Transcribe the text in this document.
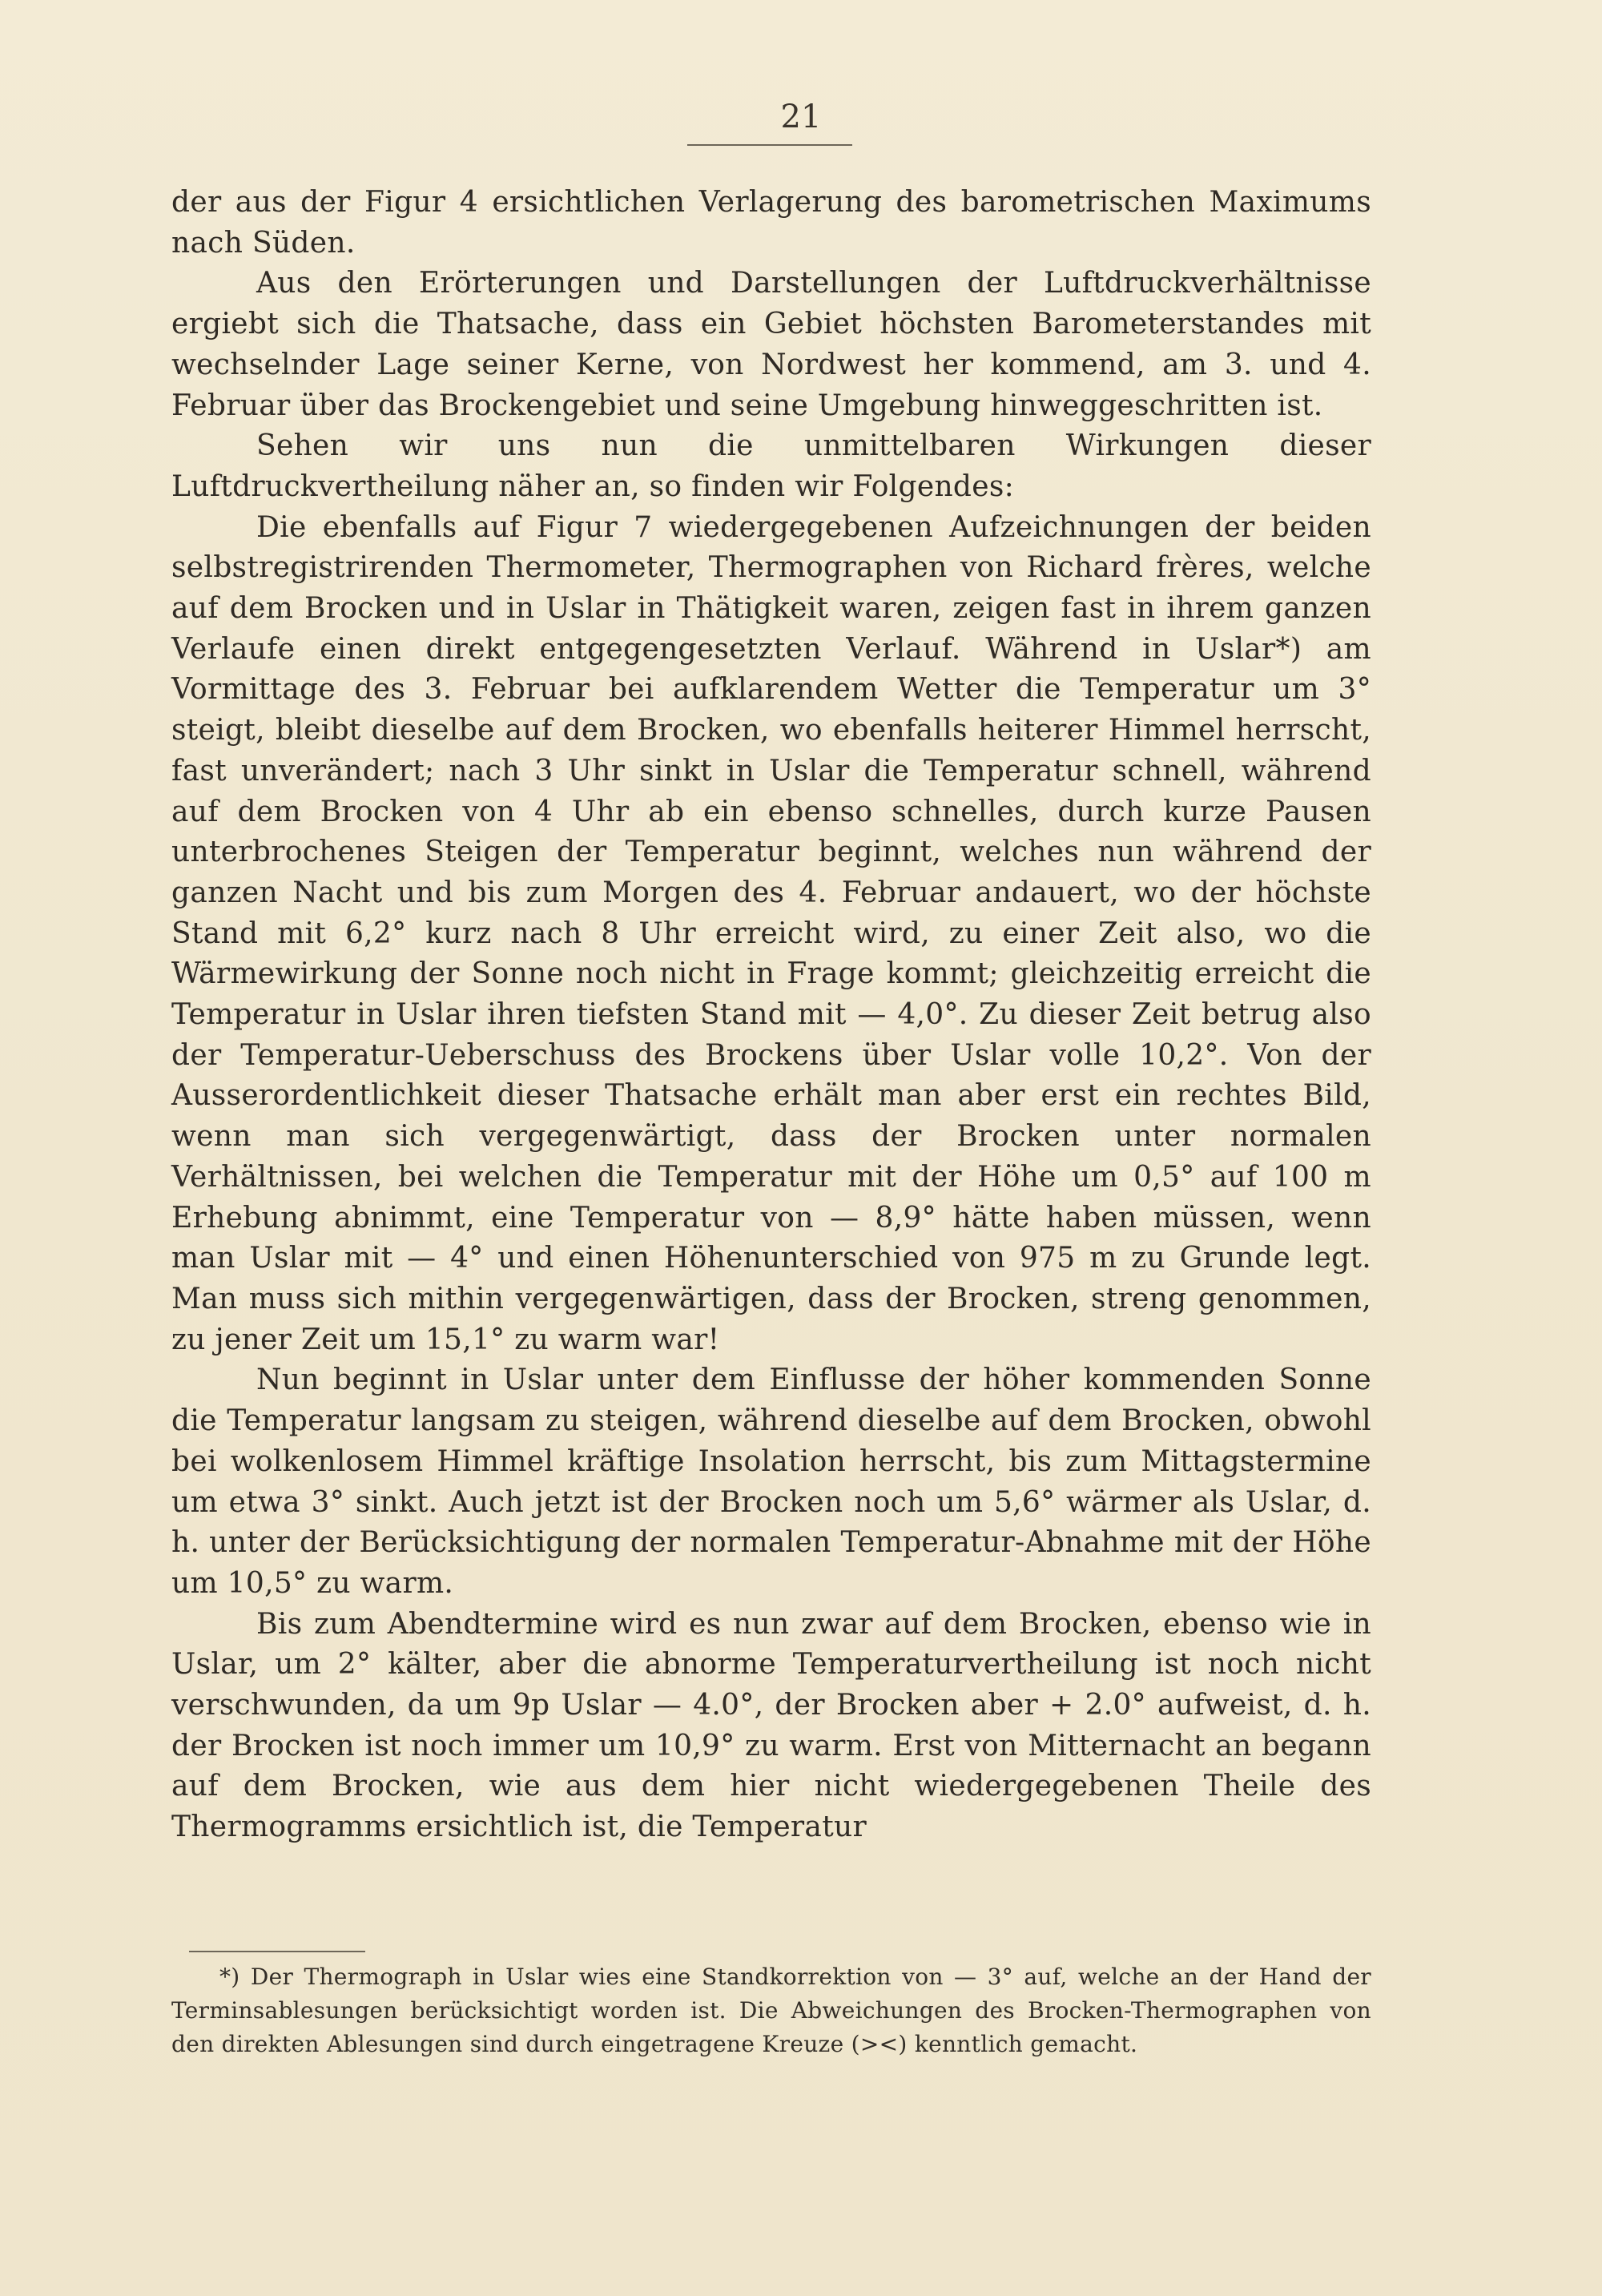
21

der aus der Figur 4 ersichtlichen Verlagerung des barometrischen Maximums nach Süden.

Aus den Erörterungen und Darstellungen der Luftdruckverhältnisse ergiebt sich die Thatsache, dass ein Gebiet höchsten Barometerstandes mit wechselnder Lage seiner Kerne, von Nordwest her kommend, am 3. und 4. Februar über das Brockengebiet und seine Umgebung hinweggeschritten ist.

Sehen wir uns nun die unmittelbaren Wirkungen dieser Luftdruckvertheilung näher an, so finden wir Folgendes:

Die ebenfalls auf Figur 7 wiedergegebenen Aufzeichnungen der beiden selbstregistrirenden Thermometer, Thermographen von Richard frères, welche auf dem Brocken und in Uslar in Thätigkeit waren, zeigen fast in ihrem ganzen Verlaufe einen direkt entgegengesetzten Verlauf. Während in Uslar*) am Vormittage des 3. Februar bei aufklarendem Wetter die Temperatur um 3° steigt, bleibt dieselbe auf dem Brocken, wo ebenfalls heiterer Himmel herrscht, fast unverändert; nach 3 Uhr sinkt in Uslar die Temperatur schnell, während auf dem Brocken von 4 Uhr ab ein ebenso schnelles, durch kurze Pausen unterbrochenes Steigen der Temperatur beginnt, welches nun während der ganzen Nacht und bis zum Morgen des 4. Februar andauert, wo der höchste Stand mit 6,2° kurz nach 8 Uhr erreicht wird, zu einer Zeit also, wo die Wärmewirkung der Sonne noch nicht in Frage kommt; gleichzeitig erreicht die Temperatur in Uslar ihren tiefsten Stand mit — 4,0°. Zu dieser Zeit betrug also der Temperatur-Ueberschuss des Brockens über Uslar volle 10,2°. Von der Ausserordentlichkeit dieser Thatsache erhält man aber erst ein rechtes Bild, wenn man sich vergegenwärtigt, dass der Brocken unter normalen Verhältnissen, bei welchen die Temperatur mit der Höhe um 0,5° auf 100 m Erhebung abnimmt, eine Temperatur von — 8,9° hätte haben müssen, wenn man Uslar mit — 4° und einen Höhenunterschied von 975 m zu Grunde legt. Man muss sich mithin vergegenwärtigen, dass der Brocken, streng genommen, zu jener Zeit um 15,1° zu warm war!

Nun beginnt in Uslar unter dem Einflusse der höher kommenden Sonne die Temperatur langsam zu steigen, während dieselbe auf dem Brocken, obwohl bei wolkenlosem Himmel kräftige Insolation herrscht, bis zum Mittagstermine um etwa 3° sinkt. Auch jetzt ist der Brocken noch um 5,6° wärmer als Uslar, d. h. unter der Berücksichtigung der normalen Temperatur-Abnahme mit der Höhe um 10,5° zu warm.

Bis zum Abendtermine wird es nun zwar auf dem Brocken, ebenso wie in Uslar, um 2° kälter, aber die abnorme Temperaturvertheilung ist noch nicht verschwunden, da um 9p Uslar — 4.0°, der Brocken aber + 2.0° aufweist, d. h. der Brocken ist noch immer um 10,9° zu warm. Erst von Mitternacht an begann auf dem Brocken, wie aus dem hier nicht wiedergegebenen Theile des Thermogramms ersichtlich ist, die Temperatur

*) Der Thermograph in Uslar wies eine Standkorrektion von — 3° auf, welche an der Hand der Terminsablesungen berücksichtigt worden ist. Die Abweichungen des Brocken-Thermographen von den direkten Ablesungen sind durch eingetragene Kreuze (><) kenntlich gemacht.
